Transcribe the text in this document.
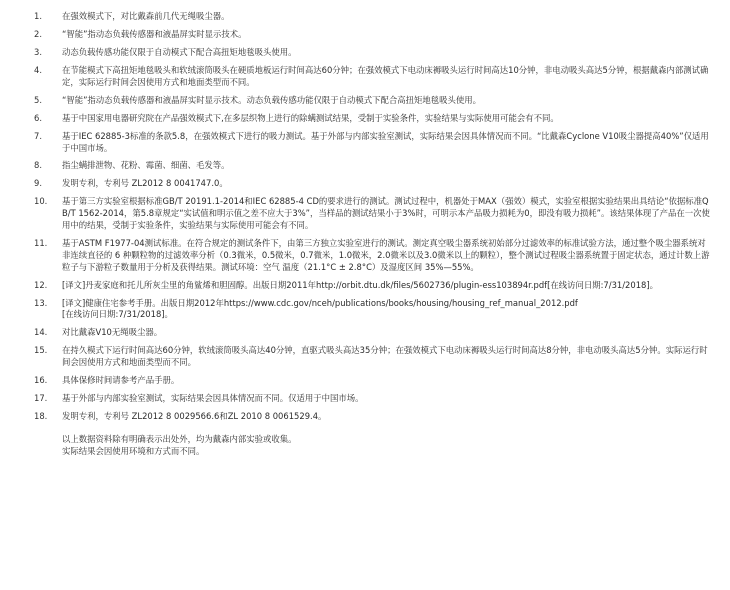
1.	在强效模式下，对比戴森前几代无绳吸尘器。
2.	“智能”指动态负载传感器和液晶屏实时显示技术。
3.	动态负载传感功能仅限于自动模式下配合高扭矩地毯吸头使用。
4.	在节能模式下高扭矩地毯吸头和软绒滚筒吸头在硬质地板运行时间高达60分钟；在强效模式下电动床褥吸头运行时间高达10分钟，非电动吸头高达5分钟，根据戴森内部测试确定，实际运行时间会因使用方式和地面类型而不同。
5.	“智能”指动态负载传感器和液晶屏实时显示技术。动态负载传感功能仅限于自动模式下配合高扭矩地毯吸头使用。
6.	基于中国家用电器研究院在产品强效模式下,在多层织物上进行的除螨测试结果，受制于实验条件，实验结果与实际使用可能会有不同。
7.	基于IEC 62885-3标准的条款5.8，在强效模式下进行的吸力测试。基于外部与内部实验室测试，实际结果会因具体情况而不同。“比戴森Cyclone V10吸尘器提高40%”仅适用于中国市场。
8.	指尘螨排泄物、花粉、霉菌、细菌、毛发等。
9.	发明专利，专利号 ZL2012 8 0041747.0。
10.	基于第三方实验室根据标准GB/T 20191.1-2014和IEC 62885-4 CD的要求进行的测试。测试过程中，机器处于MAX（强效）模式，实验室根据实验结果出具结论“依据标准QB/T 1562-2014，第5.8章规定“实试值和明示值之差不应大于3%”，当样品的测试结果小于3%时，可明示本产品吸力损耗为0，即没有吸力损耗”。该结果体现了产品在一次使用中的结果，受制于实验条件，实验结果与实际使用可能会有不同。
11.	基于ASTM F1977-04测试标准。在符合规定的测试条件下，由第三方独立实验室进行的测试。测定真空吸尘器系统初始部分过滤效率的标准试验方法，通过整个吸尘器系统对非连续直径的 6 种颗粒物的过滤效率分析（0.3微米，0.5微米，0.7微米，1.0微米，2.0微米以及3.0微米以上的颗粒），整个测试过程吸尘器系统置于固定状态，通过计数上游粒子与下游粒子数量用于分析及获得结果。测试环境：空气 温度（21.1°C ± 2.8°C）及湿度区间 35%—55%。
12.	[译文]丹麦家庭和托儿所灰尘里的角鲨烯和胆固醇。出版日期2011年http://orbit.dtu.dk/files/5602736/plugin-ess103894r.pdf[在线访问日期:7/31/2018]。
13.	[译文]健康住宅参考手册。出版日期2012年https://www.cdc.gov/nceh/publications/books/housing/housing_ref_manual_2012.pdf
[在线访问日期:7/31/2018]。
14.	对比戴森V10无绳吸尘器。
15.	在持久模式下运行时间高达60分钟，软绒滚筒吸头高达40分钟，直驱式吸头高达35分钟；在强效模式下电动床褥吸头运行时间高达8分钟，非电动吸头高达5分钟。实际运行时间会因使用方式和地面类型而不同。
16.	具体保修时间请参考产品手册。
17.	基于外部与内部实验室测试，实际结果会因具体情况而不同。仅适用于中国市场。
18.	发明专利，专利号 ZL2012 8 0029566.6和ZL 2010 8 0061529.4。
以上数据资料除有明确表示出处外，均为戴森内部实验或收集。
实际结果会因使用环境和方式而不同。
